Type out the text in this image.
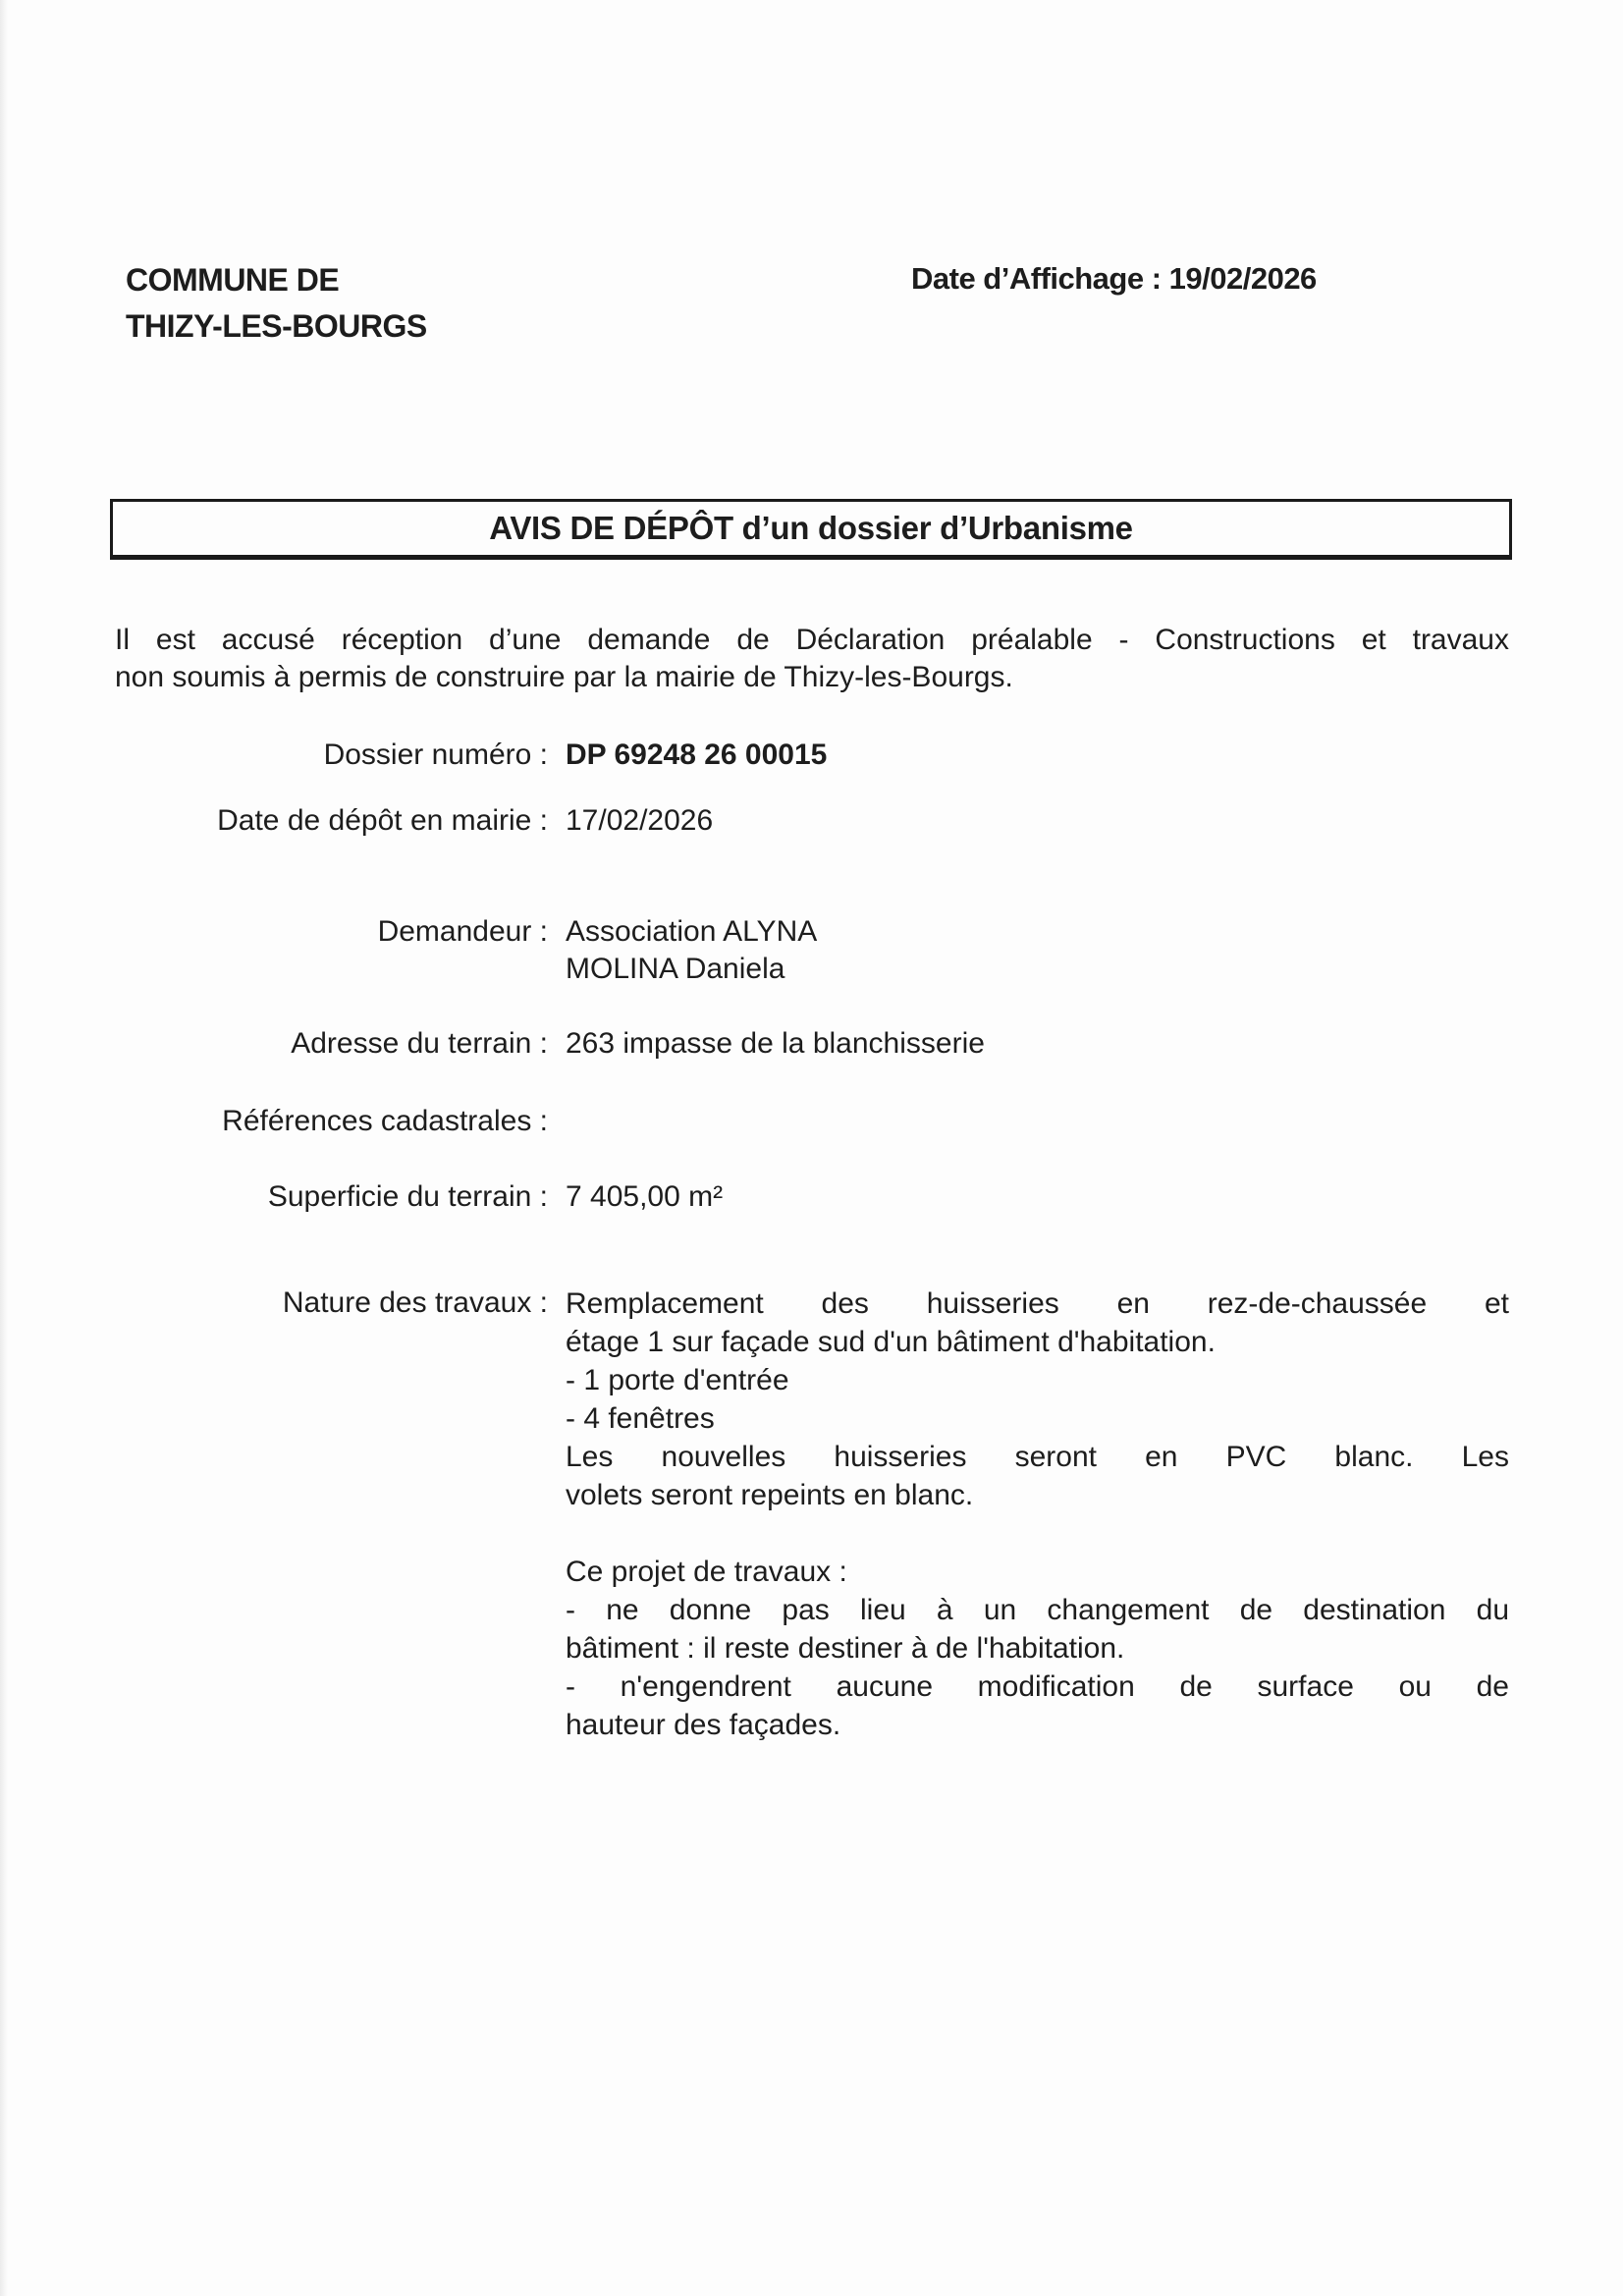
COMMUNE DE
THIZY-LES-BOURGS
Date d’Affichage : 19/02/2026
AVIS DE DÉPÔT d’un dossier d’Urbanisme
Il est accusé réception d’une demande de Déclaration préalable - Constructions et travaux
non soumis à permis de construire par la mairie de Thizy-les-Bourgs.
Dossier numéro : DP 69248 26 00015
Date de dépôt en mairie : 17/02/2026
Demandeur : Association ALYNA
MOLINA Daniela
Adresse du terrain : 263 impasse de la blanchisserie
Références cadastrales :
Superficie du terrain : 7 405,00 m²
Nature des travaux : Remplacement des huisseries en rez-de-chaussée et
étage 1 sur façade sud d'un bâtiment d'habitation.
- 1 porte d'entrée
- 4 fenêtres
Les nouvelles huisseries seront en PVC blanc. Les
volets seront repeints en blanc.
Ce projet de travaux :
- ne donne pas lieu à un changement de destination du
bâtiment : il reste destiner à de l'habitation.
- n'engendrent aucune modification de surface ou de
hauteur des façades.
